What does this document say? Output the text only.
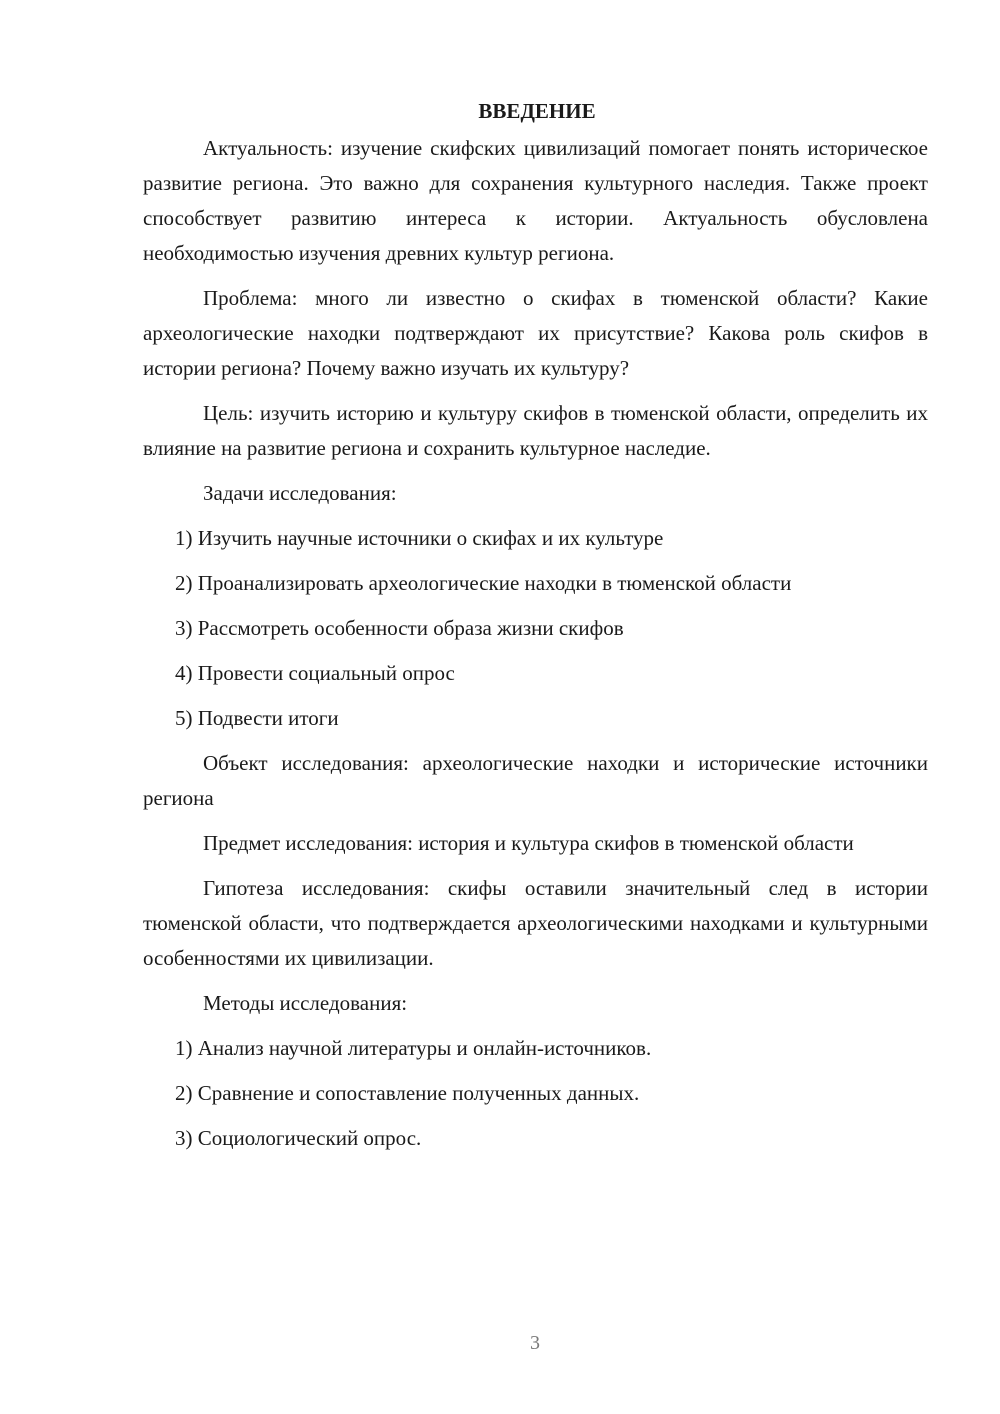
ВВЕДЕНИЕ

Актуальность: изучение скифских цивилизаций помогает понять историческое развитие региона. Это важно для сохранения культурного наследия. Также проект способствует развитию интереса к истории. Актуальность обусловлена необходимостью изучения древних культур региона.

Проблема: много ли известно о скифах в тюменской области? Какие археологические находки подтверждают их присутствие? Какова роль скифов в истории региона? Почему важно изучать их культуру?

Цель: изучить историю и культуру скифов в тюменской области, определить их влияние на развитие региона и сохранить культурное наследие.

Задачи исследования:
1) Изучить научные источники о скифах и их культуре
2) Проанализировать археологические находки в тюменской области
3) Рассмотреть особенности образа жизни скифов
4) Провести социальный опрос
5) Подвести итоги

Объект исследования: археологические находки и исторические источники региона

Предмет исследования: история и культура скифов в тюменской области

Гипотеза исследования: скифы оставили значительный след в истории тюменской области, что подтверждается археологическими находками и культурными особенностями их цивилизации.

Методы исследования:
1) Анализ научной литературы и онлайн-источников.
2) Сравнение и сопоставление полученных данных.
3) Социологический опрос.
3
